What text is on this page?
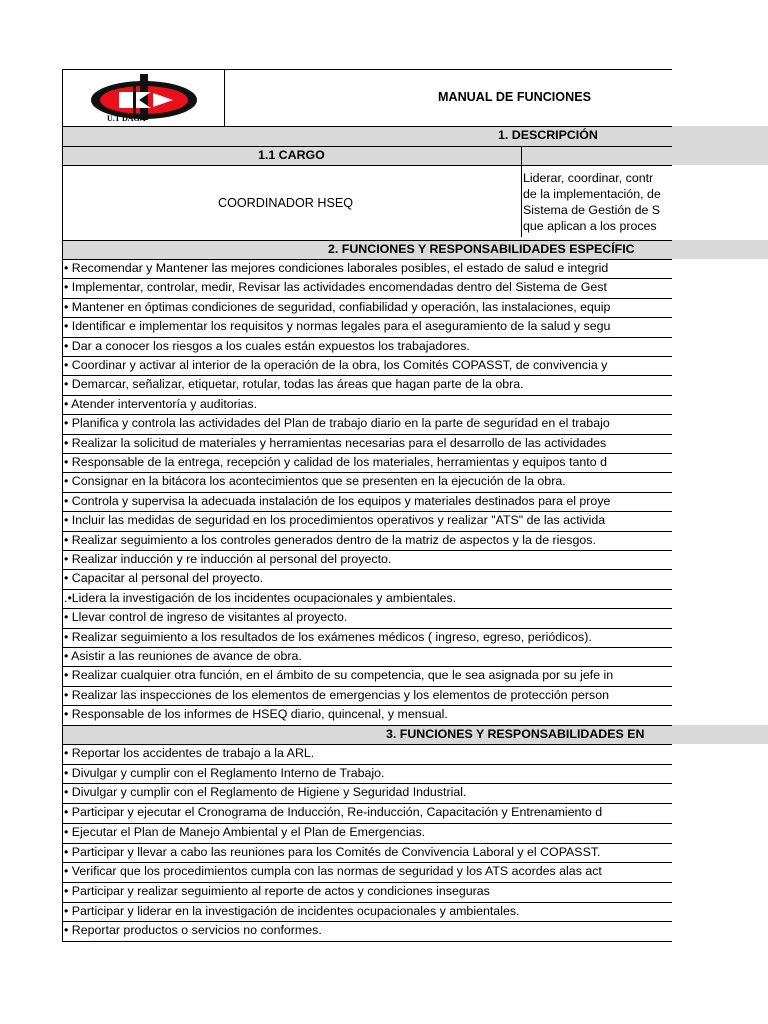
U.T DAGA
MANUAL DE FUNCIONES
1. DESCRIPCIÓN
1.1 CARGO
COORDINADOR HSEQ
Liderar, coordinar, contr
de la implementación, de
Sistema de Gestión de S
que aplican a los proces
2. FUNCIONES Y RESPONSABILIDADES ESPECÍFIC
• Recomendar y Mantener las mejores condiciones laborales posibles, el estado de salud e integrid
• Implementar, controlar, medir, Revisar las actividades encomendadas dentro del Sistema de Gest
• Mantener en óptimas condiciones de seguridad, confiabilidad y operación, las instalaciones, equip
• Identificar e implementar los requisitos y normas legales para el aseguramiento de la salud y segu
• Dar a conocer los riesgos a los cuales están expuestos los trabajadores.
• Coordinar y activar al interior de la operación de la obra, los Comités COPASST, de convivencia y
• Demarcar, señalizar, etiquetar, rotular, todas las áreas que hagan parte de la obra.
• Atender interventoría y auditorias.
• Planifica y controla las actividades del Plan de trabajo diario en la parte de seguridad en el trabajo
• Realizar la solicitud de materiales y herramientas necesarias para el desarrollo de las actividades
• Responsable de la entrega, recepción y calidad de los materiales, herramientas y equipos tanto d
• Consignar en la bitácora los acontecimientos que se presenten en la ejecución de la obra.
• Controla y supervisa la adecuada instalación de los equipos y materiales destinados para el proye
• Incluir las medidas de seguridad en los procedimientos operativos y realizar "ATS" de las activida
• Realizar seguimiento a los controles generados dentro de la matriz de aspectos y la de riesgos.
• Realizar inducción y re inducción al personal del proyecto.
• Capacitar al personal del proyecto.
.•Lidera la investigación de los incidentes ocupacionales y ambientales.
• Llevar control de ingreso de visitantes al proyecto.
• Realizar seguimiento a los resultados de los exámenes médicos ( ingreso, egreso, periódicos).
• Asistir a las reuniones de avance de obra.
• Realizar cualquier otra función, en el ámbito de su competencia, que le sea asignada por su jefe in
• Realizar las inspecciones de los elementos de emergencias y los elementos de protección person
• Responsable de los informes de HSEQ diario, quincenal, y mensual.
3. FUNCIONES Y RESPONSABILIDADES EN
• Reportar los accidentes de trabajo a la ARL.
• Divulgar y cumplir con el Reglamento Interno de Trabajo.
• Divulgar y cumplir con el Reglamento de Higiene y Seguridad Industrial.
• Participar y ejecutar el Cronograma de Inducción, Re-inducción, Capacitación y Entrenamiento d
• Ejecutar el Plan de Manejo Ambiental y el Plan de Emergencias.
• Participar y llevar a cabo las reuniones para los Comités de Convivencia Laboral y el COPASST.
• Verificar que los procedimientos cumpla con las normas de seguridad y los ATS acordes alas act
• Participar y realizar seguimiento al reporte de actos y condiciones inseguras
• Participar y liderar en la investigación de incidentes ocupacionales y ambientales.
• Reportar productos o servicios no conformes.
